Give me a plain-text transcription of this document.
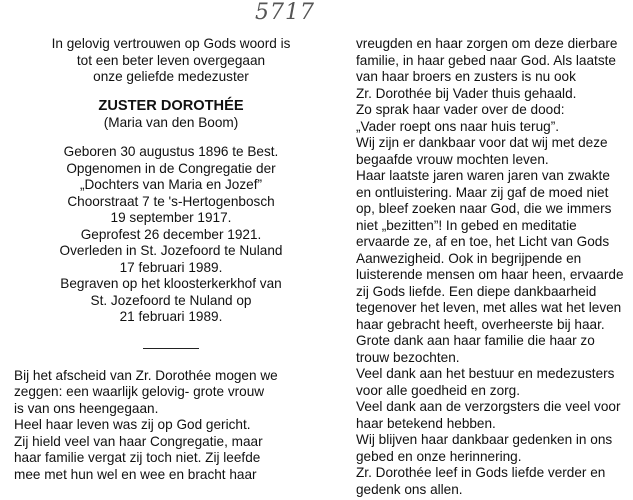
5717
In gelovig vertrouwen op Gods woord is
tot een beter leven overgegaan
onze geliefde medezuster
ZUSTER DOROTHÉE
(Maria van den Boom)
Geboren 30 augustus 1896 te Best.
Opgenomen in de Congregatie der
„Dochters van Maria en Jozef”
Choorstraat 7 te 's-Hertogenbosch
19 september 1917.
Geprofest 26 december 1921.
Overleden in St. Jozefoord te Nuland
17 februari 1989.
Begraven op het kloosterkerkhof van
St. Jozefoord te Nuland op
21 februari 1989.
Bij het afscheid van Zr. Dorothée mogen we
zeggen: een waarlijk gelovig- grote vrouw
is van ons heengegaan.
Heel haar leven was zij op God gericht.
Zij hield veel van haar Congregatie, maar
haar familie vergat zij toch niet. Zij leefde
mee met hun wel en wee en bracht haar
vreugden en haar zorgen om deze dierbare
familie, in haar gebed naar God. Als laatste
van haar broers en zusters is nu ook
Zr. Dorothée bij Vader thuis gehaald.
Zo sprak haar vader over de dood:
„Vader roept ons naar huis terug”.
Wij zijn er dankbaar voor dat wij met deze
begaafde vrouw mochten leven.
Haar laatste jaren waren jaren van zwakte
en ontluistering. Maar zij gaf de moed niet
op, bleef zoeken naar God, die we immers
niet „bezitten”! In gebed en meditatie
ervaarde ze, af en toe, het Licht van Gods
Aanwezigheid. Ook in begrijpende en
luisterende mensen om haar heen, ervaarde
zij Gods liefde. Een diepe dankbaarheid
tegenover het leven, met alles wat het leven
haar gebracht heeft, overheerste bij haar.
Grote dank aan haar familie die haar zo
trouw bezochten.
Veel dank aan het bestuur en medezusters
voor alle goedheid en zorg.
Veel dank aan de verzorgsters die veel voor
haar betekend hebben.
Wij blijven haar dankbaar gedenken in ons
gebed en onze herinnering.
Zr. Dorothée leef in Gods liefde verder en
gedenk ons allen.
